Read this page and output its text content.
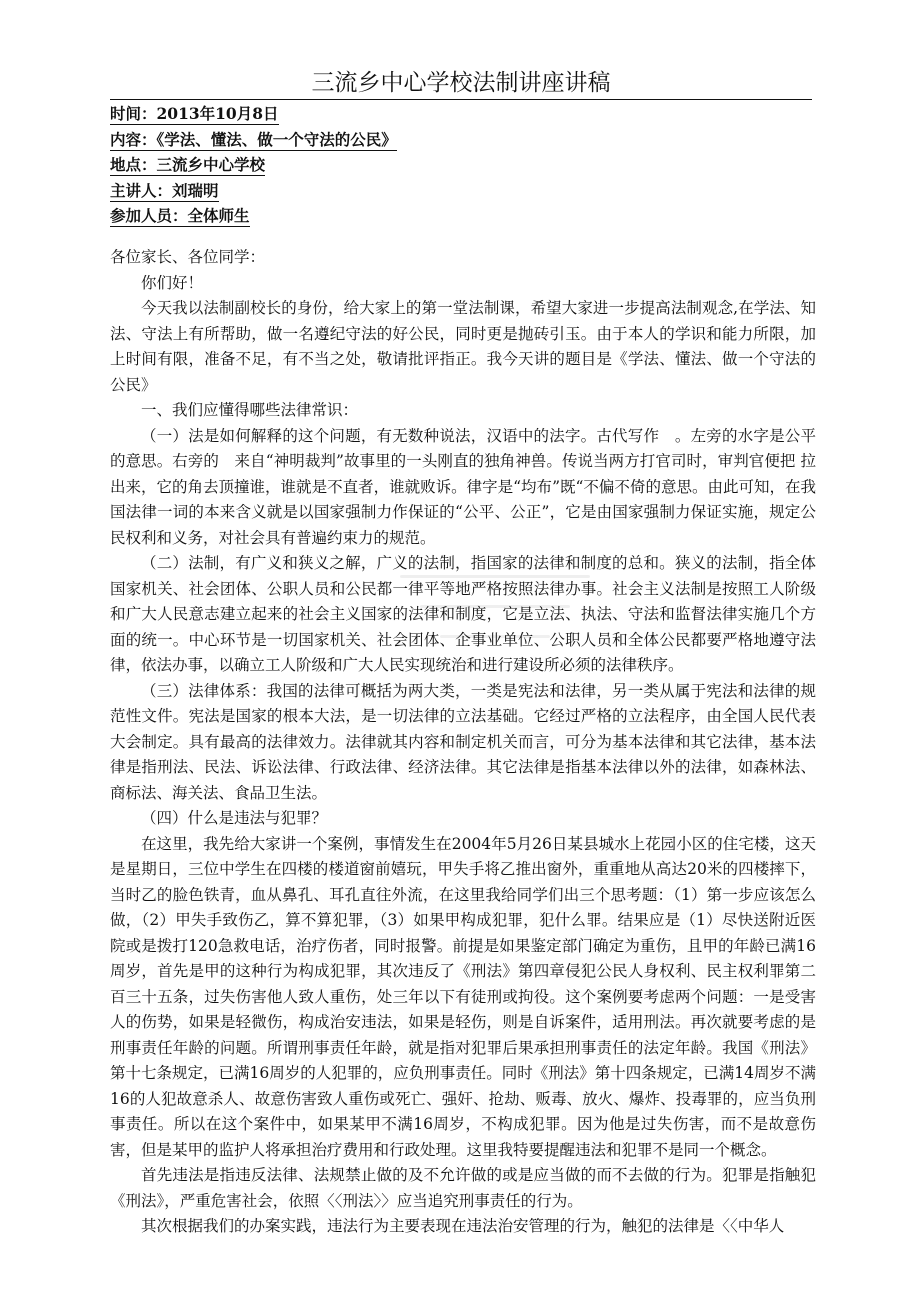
三流乡中心学校法制讲座讲稿
时间：2013年10月8日
内容：《学法、懂法、做一个守法的公民》
地点：三流乡中心学校
主讲人：刘瑞明
参加人员：全体师生

各位家长、各位同学：

你们好！

今天我以法制副校长的身份，给大家上的第一堂法制课，希望大家进一步提高法制观念,在学法、知法、守法上有所帮助，做一名遵纪守法的好公民，同时更是抛砖引玉。由于本人的学识和能力所限，加上时间有限，准备不足，有不当之处，敬请批评指正。我今天讲的题目是《学法、懂法、做一个守法的公民》

一、我们应懂得哪些法律常识：

（一）法是如何解释的这个问题，有无数种说法，汉语中的法字。古代写作　。左旁的水字是公平的意思。右旁的　来自“神明裁判”故事里的一头刚直的独角神兽。传说当两方打官司时，审判官便把 拉出来，它的角去顶撞谁，谁就是不直者，谁就败诉。律字是“均布”既“不偏不倚的意思。由此可知，在我国法律一词的本来含义就是以国家强制力作保证的“公平、公正”，它是由国家强制力保证实施，规定公民权利和义务，对社会具有普遍约束力的规范。

（二）法制，有广义和狭义之解，广义的法制，指国家的法律和制度的总和。狭义的法制，指全体国家机关、社会团体、公职人员和公民都一律平等地严格按照法律办事。社会主义法制是按照工人阶级和广大人民意志建立起来的社会主义国家的法律和制度，它是立法、执法、守法和监督法律实施几个方面的统一。中心环节是一切国家机关、社会团体、企事业单位、公职人员和全体公民都要严格地遵守法律，依法办事，以确立工人阶级和广大人民实现统治和进行建设所必须的法律秩序。

（三）法律体系：我国的法律可概括为两大类，一类是宪法和法律，另一类从属于宪法和法律的规范性文件。宪法是国家的根本大法，是一切法律的立法基础。它经过严格的立法程序，由全国人民代表大会制定。具有最高的法律效力。法律就其内容和制定机关而言，可分为基本法律和其它法律，基本法律是指刑法、民法、诉讼法律、行政法律、经济法律。其它法律是指基本法律以外的法律，如森林法、商标法、海关法、食品卫生法。

（四）什么是违法与犯罪？

在这里，我先给大家讲一个案例，事情发生在2004年5月26日某县城水上花园小区的住宅楼，这天是星期日，三位中学生在四楼的楼道窗前嬉玩，甲失手将乙推出窗外，重重地从高达20米的四楼摔下，当时乙的脸色铁青，血从鼻孔、耳孔直往外流，在这里我给同学们出三个思考题：（1）第一步应该怎么做，（2）甲失手致伤乙，算不算犯罪，（3）如果甲构成犯罪，犯什么罪。结果应是（1）尽快送附近医院或是拨打120急救电话，治疗伤者，同时报警。前提是如果鉴定部门确定为重伤，且甲的年龄已满16周岁，首先是甲的这种行为构成犯罪，其次违反了《刑法》第四章侵犯公民人身权利、民主权利罪第二百三十五条，过失伤害他人致人重伤，处三年以下有徒刑或拘役。这个案例要考虑两个问题：一是受害人的伤势，如果是轻微伤，构成治安违法，如果是轻伤，则是自诉案件，适用刑法。再次就要考虑的是刑事责任年龄的问题。所谓刑事责任年龄，就是指对犯罪后果承担刑事责任的法定年龄。我国《刑法》第十七条规定，已满16周岁的人犯罪的，应负刑事责任。同时《刑法》第十四条规定，已满14周岁不满16的人犯故意杀人、故意伤害致人重伤或死亡、强奸、抢劫、贩毒、放火、爆炸、投毒罪的，应当负刑事责任。所以在这个案件中，如果某甲不满16周岁，不构成犯罪。因为他是过失伤害，而不是故意伤害，但是某甲的监护人将承担治疗费用和行政处理。这里我特要提醒违法和犯罪不是同一个概念。

首先违法是指违反法律、法规禁止做的及不允许做的或是应当做的而不去做的行为。犯罪是指触犯《刑法》，严重危害社会，依照〈〈刑法〉〉应当追究刑事责任的行为。

其次根据我们的办案实践，违法行为主要表现在违法治安管理的行为，触犯的法律是〈〈中华人
